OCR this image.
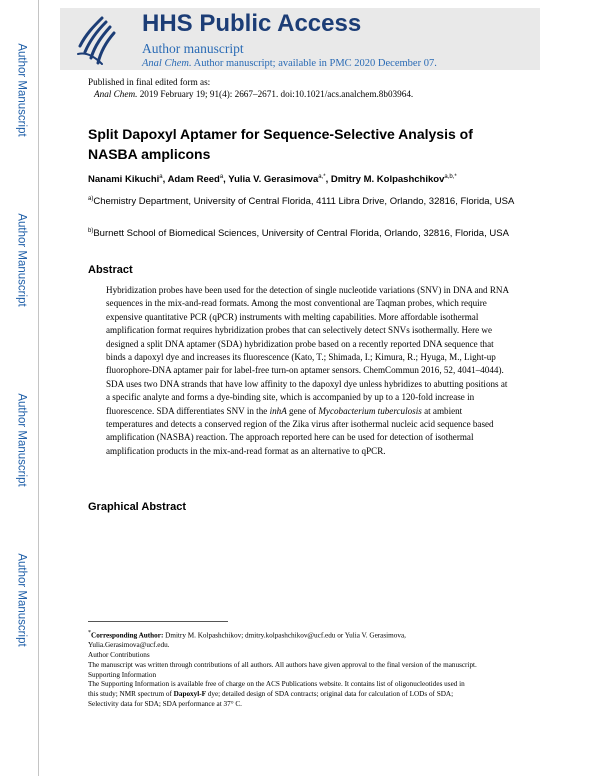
Author Manuscript
Author Manuscript
Author Manuscript
Author Manuscript
HHS Public Access
Author manuscript
Anal Chem. Author manuscript; available in PMC 2020 December 07.
Published in final edited form as:
Anal Chem. 2019 February 19; 91(4): 2667–2671. doi:10.1021/acs.analchem.8b03964.
Split Dapoxyl Aptamer for Sequence-Selective Analysis of NASBA amplicons
Nanami Kikuchi$^a$, Adam Reed$^a$, Yulia V. Gerasimova$^{a,*}$, Dmitry M. Kolpashchikov$^{a,b,*}$
$^{a)}$Chemistry Department, University of Central Florida, 4111 Libra Drive, Orlando, 32816, Florida, USA
$^{b)}$Burnett School of Biomedical Sciences, University of Central Florida, Orlando, 32816, Florida, USA
Abstract
Hybridization probes have been used for the detection of single nucleotide variations (SNV) in DNA and RNA sequences in the mix-and-read formats. Among the most conventional are Taqman probes, which require expensive quantitative PCR (qPCR) instruments with melting capabilities. More affordable isothermal amplification format requires hybridization probes that can selectively detect SNVs isothermally. Here we designed a split DNA aptamer (SDA) hybridization probe based on a recently reported DNA sequence that binds a dapoxyl dye and increases its fluorescence (Kato, T.; Shimada, I.; Kimura, R.; Hyuga, M., Light-up fluorophore-DNA aptamer pair for label-free turn-on aptamer sensors. ChemCommun 2016, 52, 4041–4044). SDA uses two DNA strands that have low affinity to the dapoxyl dye unless hybridizes to abutting positions at a specific analyte and forms a dye-binding site, which is accompanied by up to a 120-fold increase in fluorescence. SDA differentiates SNV in the inhA gene of Mycobacterium tuberculosis at ambient temperatures and detects a conserved region of the Zika virus after isothermal nucleic acid sequence based amplification (NASBA) reaction. The approach reported here can be used for detection of isothermal amplification products in the mix-and-read format as an alternative to qPCR.
Graphical Abstract
*Corresponding Author: Dmitry M. Kolpashchikov; dmitry.kolpashchikov@ucf.edu or Yulia V. Gerasimova,
Yulia.Gerasimova@ucf.edu.
Author Contributions
The manuscript was written through contributions of all authors. All authors have given approval to the final version of the manuscript.
Supporting Information
The Supporting Information is available free of charge on the ACS Publications website. It contains list of oligonucleotides used in
this study; NMR spectrum of Dapoxyl-F dye; detailed design of SDA contracts; original data for calculation of LODs of SDA;
Selectivity data for SDA; SDA performance at 37° C.
